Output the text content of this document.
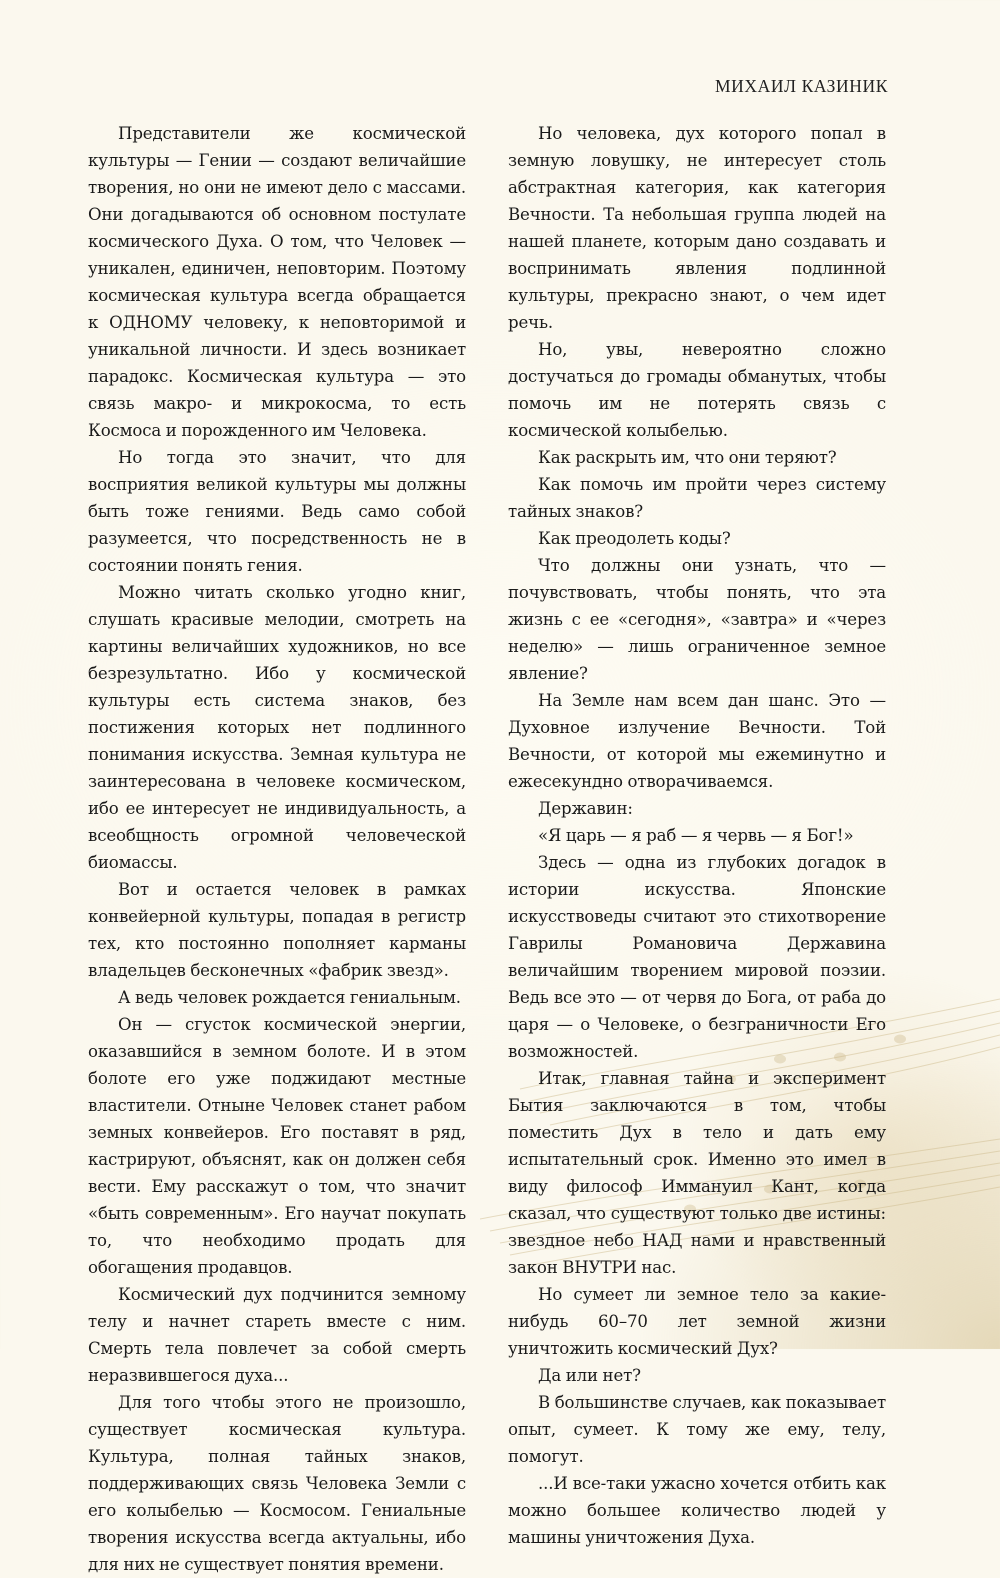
МИХАИЛ КАЗИНИК

Представители же космической культуры — Гении — создают величайшие творения, но они не имеют дело с массами. Они догадываются об основном постулате космического Духа. О том, что Человек — уникален, единичен, неповторим. Поэтому космическая культура всегда обращается к ОДНОМУ человеку, к неповторимой и уникальной личности. И здесь возникает парадокс. Космическая культура — это связь макро- и микрокосма, то есть Космоса и порожденного им Человека.

Но тогда это значит, что для восприятия великой культуры мы должны быть тоже гениями. Ведь само собой разумеется, что посредственность не в состоянии понять гения.

Можно читать сколько угодно книг, слушать красивые мелодии, смотреть на картины величайших художников, но все безрезультатно. Ибо у космической культуры есть система знаков, без постижения которых нет подлинного понимания искусства. Земная культура не заинтересована в человеке космическом, ибо ее интересует не индивидуальность, а всеобщность огромной человеческой биомассы.

Вот и остается человек в рамках конвейерной культуры, попадая в регистр тех, кто постоянно пополняет карманы владельцев бесконечных «фабрик звезд».

А ведь человек рождается гениальным.

Он — сгусток космической энергии, оказавшийся в земном болоте. И в этом болоте его уже поджидают местные властители. Отныне Человек станет рабом земных конвейеров. Его поставят в ряд, кастрируют, объяснят, как он должен себя вести. Ему расскажут о том, что значит «быть современным». Его научат покупать то, что необходимо продать для обогащения продавцов.

Космический дух подчинится земному телу и начнет стареть вместе с ним. Смерть тела повлечет за собой смерть неразвившегося духа...

Для того чтобы этого не произошло, существует космическая культура. Культура, полная тайных знаков, поддерживающих связь Человека Земли с его колыбелью — Космосом. Гениальные творения искусства всегда актуальны, ибо для них не существует понятия времени.

Но человека, дух которого попал в земную ловушку, не интересует столь абстрактная категория, как категория Вечности. Та небольшая группа людей на нашей планете, которым дано создавать и воспринимать явления подлинной культуры, прекрасно знают, о чем идет речь.

Но, увы, невероятно сложно достучаться до громады обманутых, чтобы помочь им не потерять связь с космической колыбелью.

Как раскрыть им, что они теряют?

Как помочь им пройти через систему тайных знаков?

Как преодолеть коды?

Что должны они узнать, что — почувствовать, чтобы понять, что эта жизнь с ее «сегодня», «завтра» и «через неделю» — лишь ограниченное земное явление?

На Земле нам всем дан шанс. Это — Духовное излучение Вечности. Той Вечности, от которой мы ежеминутно и ежесекундно отворачиваемся.

Державин:

«Я царь — я раб — я червь — я Бог!»

Здесь — одна из глубоких догадок в истории искусства. Японские искусствоведы считают это стихотворение Гаврилы Романовича Державина величайшим творением мировой поэзии. Ведь все это — от червя до Бога, от раба до царя — о Человеке, о безграничности Его возможностей.

Итак, главная тайна и эксперимент Бытия заключаются в том, чтобы поместить Дух в тело и дать ему испытательный срок. Именно это имел в виду философ Иммануил Кант, когда сказал, что существуют только две истины: звездное небо НАД нами и нравственный закон ВНУТРИ нас.

Но сумеет ли земное тело за какие-нибудь 60–70 лет земной жизни уничтожить космический Дух?

Да или нет?

В большинстве случаев, как показывает опыт, сумеет. К тому же ему, телу, помогут.

...И все-таки ужасно хочется отбить как можно большее количество людей у машины уничтожения Духа.
